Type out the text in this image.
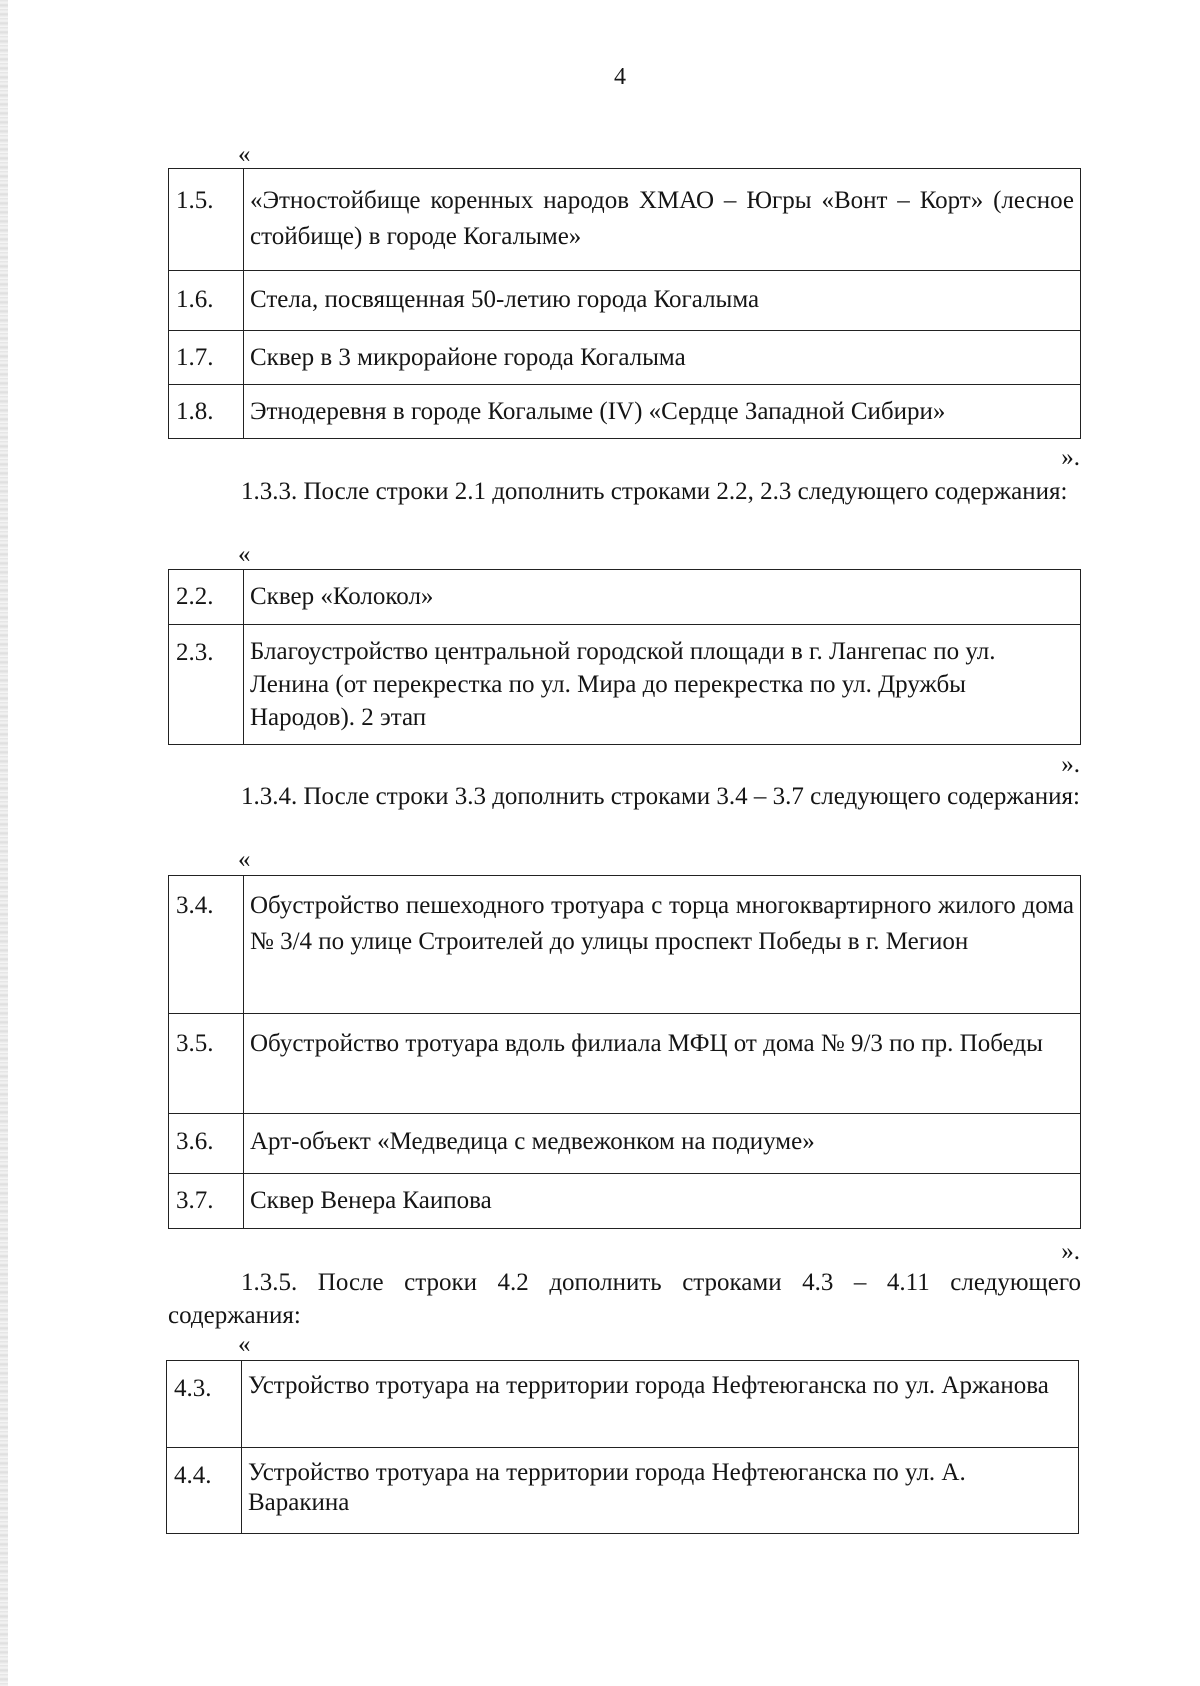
4
«
1.5.	«Этностойбище коренных народов ХМАО – Югры «Вонт – Корт» (лесное стойбище) в городе Когалыме»
1.6.	Стела, посвященная 50-летию города Когалыма
1.7.	Сквер в 3 микрорайоне города Когалыма
1.8.	Этнодеревня в городе Когалыме (IV) «Сердце Западной Сибири»
».

1.3.3. После строки 2.1 дополнить строками 2.2, 2.3 следующего содержания:

«
2.2.	Сквер «Колокол»
2.3.	Благоустройство центральной городской площади в г. Лангепас по ул. Ленина (от перекрестка по ул. Мира до перекрестка по ул. Дружбы Народов). 2 этап
».

1.3.4. После строки 3.3 дополнить строками 3.4 – 3.7 следующего содержания:

«
3.4.	Обустройство пешеходного тротуара с торца многоквартирного жилого дома № 3/4 по улице Строителей до улицы проспект Победы в г. Мегион
3.5.	Обустройство тротуара вдоль филиала МФЦ от дома № 9/3 по пр. Победы
3.6.	Арт-объект «Медведица с медвежонком на подиуме»
3.7.	Сквер Венера Каипова
».

1.3.5. После строки 4.2 дополнить строками 4.3 – 4.11 следующего содержания:

«
4.3.	Устройство тротуара на территории города Нефтеюганска по ул. Аржанова
4.4.	Устройство тротуара на территории города Нефтеюганска по ул. А. Варакина
